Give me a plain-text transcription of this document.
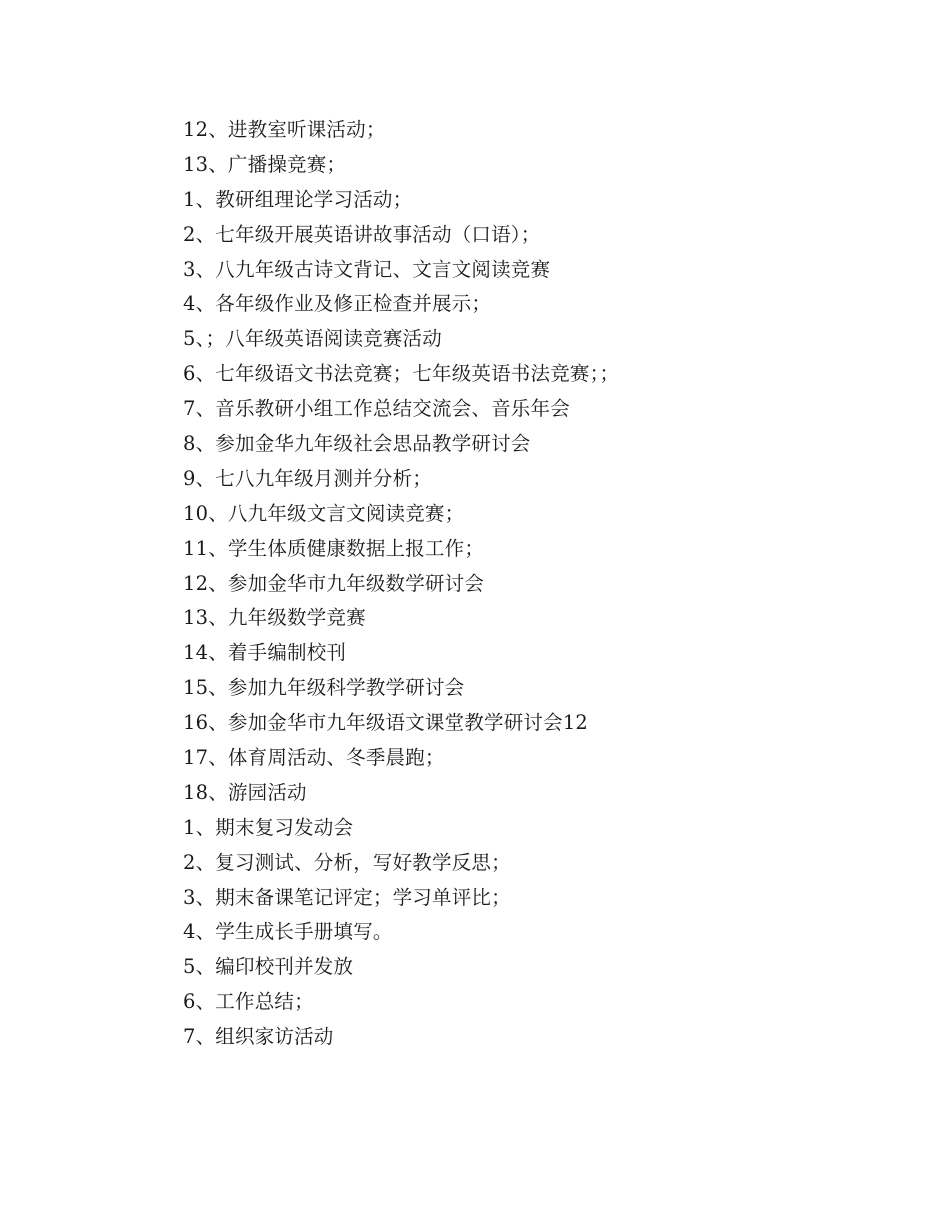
12、进教室听课活动；
13、广播操竞赛；
1、教研组理论学习活动；
2、七年级开展英语讲故事活动（口语）；
3、八九年级古诗文背记、文言文阅读竞赛
4、各年级作业及修正检查并展示；
5、；八年级英语阅读竞赛活动
6、七年级语文书法竞赛；七年级英语书法竞赛；；
7、音乐教研小组工作总结交流会、音乐年会
8、参加金华九年级社会思品教学研讨会
9、七八九年级月测并分析；
10、八九年级文言文阅读竞赛；
11、学生体质健康数据上报工作；
12、参加金华市九年级数学研讨会
13、九年级数学竞赛
14、着手编制校刊
15、参加九年级科学教学研讨会
16、参加金华市九年级语文课堂教学研讨会12
17、体育周活动、冬季晨跑；
18、游园活动
1、期末复习发动会
2、复习测试、分析，写好教学反思；
3、期末备课笔记评定；学习单评比；
4、学生成长手册填写。
5、编印校刊并发放
6、工作总结；
7、组织家访活动
